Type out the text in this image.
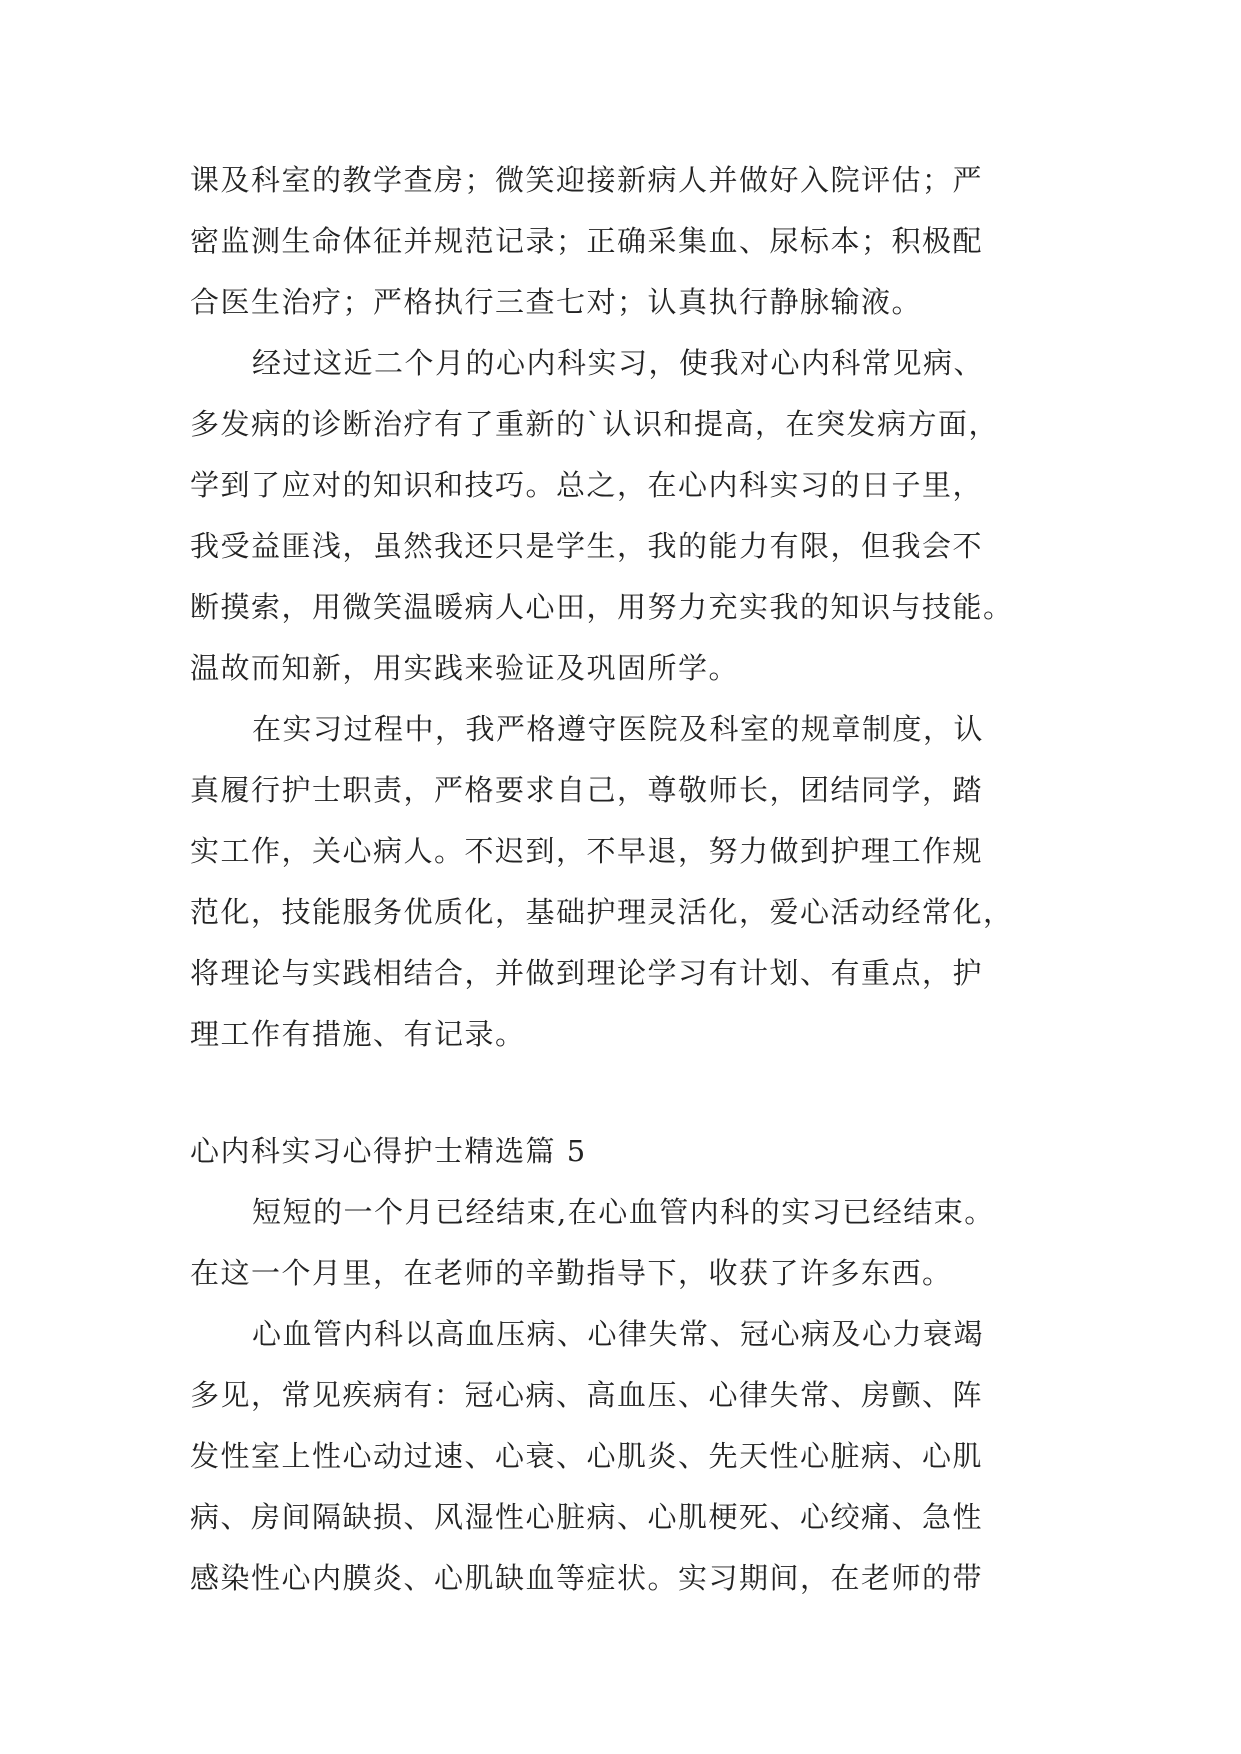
课及科室的教学查房；微笑迎接新病人并做好入院评估；严
密监测生命体征并规范记录；正确采集血、尿标本；积极配
合医生治疗；严格执行三查七对；认真执行静脉输液。
经过这近二个月的心内科实习，使我对心内科常见病、
多发病的诊断治疗有了重新的`认识和提高，在突发病方面，
学到了应对的知识和技巧。总之，在心内科实习的日子里，
我受益匪浅，虽然我还只是学生，我的能力有限，但我会不
断摸索，用微笑温暖病人心田，用努力充实我的知识与技能。
温故而知新，用实践来验证及巩固所学。
在实习过程中，我严格遵守医院及科室的规章制度，认
真履行护士职责，严格要求自己，尊敬师长，团结同学，踏
实工作，关心病人。不迟到，不早退，努力做到护理工作规
范化，技能服务优质化，基础护理灵活化，爱心活动经常化，
将理论与实践相结合，并做到理论学习有计划、有重点，护
理工作有措施、有记录。
心内科实习心得护士精选篇 5
短短的一个月已经结束,在心血管内科的实习已经结束。
在这一个月里，在老师的辛勤指导下，收获了许多东西。
心血管内科以高血压病、心律失常、冠心病及心力衰竭
多见，常见疾病有：冠心病、高血压、心律失常、房颤、阵
发性室上性心动过速、心衰、心肌炎、先天性心脏病、心肌
病、房间隔缺损、风湿性心脏病、心肌梗死、心绞痛、急性
感染性心内膜炎、心肌缺血等症状。实习期间，在老师的带
